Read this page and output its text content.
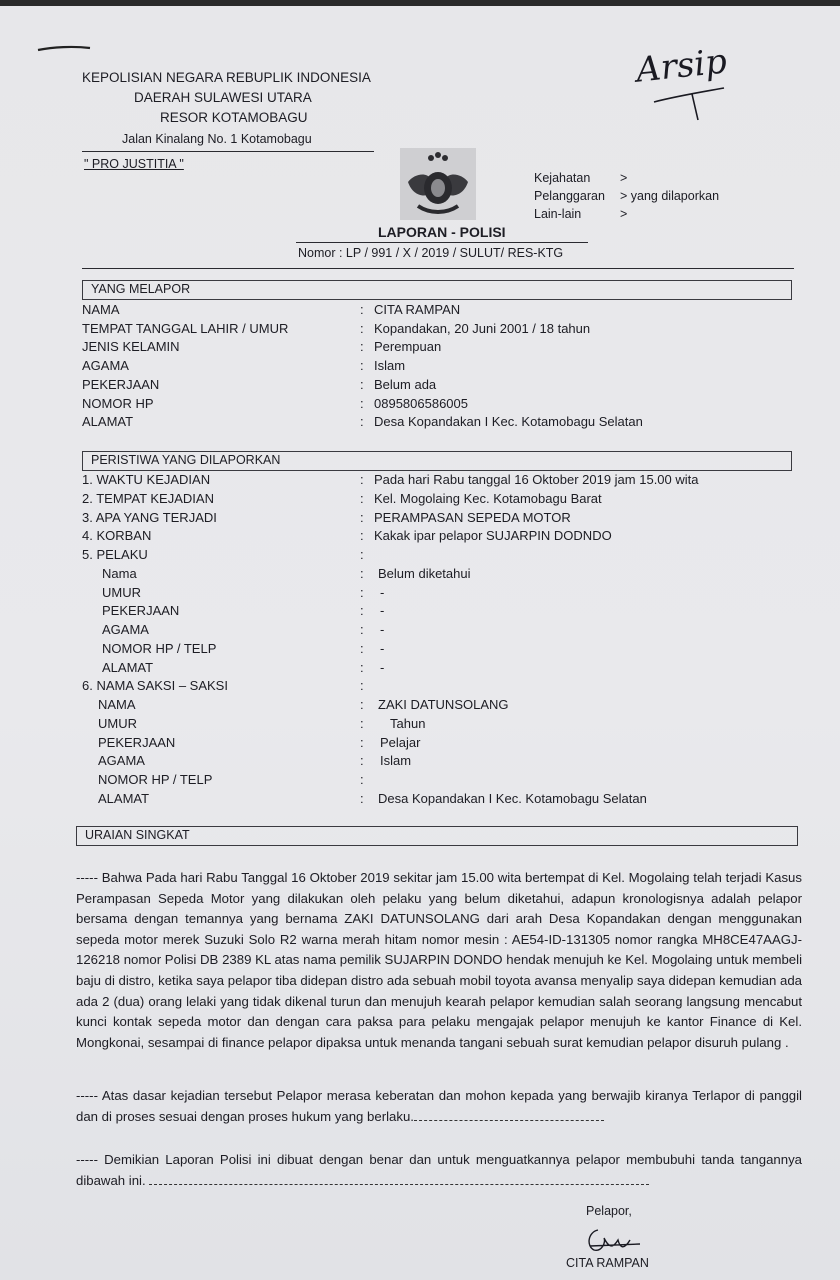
KEPOLISIAN NEGARA REBUPLIK INDONESIA
DAERAH SULAWESI UTARA
RESOR KOTAMOBAGU
Jalan Kinalang No. 1 Kotamobagu
" PRO JUSTITIA "
Arsip
Kejahatan >
Pelanggaran > yang dilaporkan
Lain-lain	>
LAPORAN - POLISI
Nomor : LP / 991 / X / 2019 / SULUT/ RES-KTG
YANG MELAPOR
NAMA	: CITA RAMPAN
TEMPAT TANGGAL LAHIR / UMUR	: Kopandakan, 20 Juni 2001 / 18 tahun
JENIS KELAMIN	: Perempuan
AGAMA	: Islam
PEKERJAAN	: Belum ada
NOMOR HP	: 0895806586005
ALAMAT	: Desa Kopandakan I Kec. Kotamobagu Selatan
PERISTIWA YANG DILAPORKAN
1. WAKTU KEJADIAN	: Pada hari Rabu tanggal 16 Oktober 2019 jam 15.00 wita
2. TEMPAT KEJADIAN	: Kel. Mogolaing Kec. Kotamobagu Barat
3. APA YANG TERJADI	: PERAMPASAN SEPEDA MOTOR
4. KORBAN	: Kakak ipar pelapor SUJARPIN DODNDO
5. PELAKU	:
Nama	: Belum diketahui
UMUR	: -
PEKERJAAN	: -
AGAMA	: -
NOMOR HP / TELP	: -
ALAMAT	: -
6. NAMA SAKSI – SAKSI	:
NAMA	: ZAKI DATUNSOLANG
UMUR	: Tahun
PEKERJAAN	: Pelajar
AGAMA	: Islam
NOMOR HP / TELP	:
ALAMAT	: Desa Kopandakan I Kec. Kotamobagu Selatan
URAIAN SINGKAT
----- Bahwa Pada hari Rabu Tanggal 16 Oktober 2019 sekitar jam 15.00 wita bertempat di Kel. Mogolaing telah terjadi Kasus Perampasan Sepeda Motor yang dilakukan oleh pelaku yang belum diketahui, adapun kronologisnya adalah pelapor bersama dengan temannya yang bernama ZAKI DATUNSOLANG dari arah Desa Kopandakan dengan menggunakan sepeda motor merek Suzuki Solo R2 warna merah hitam nomor mesin : AE54-ID-131305 nomor rangka MH8CE47AAGJ-126218 nomor Polisi DB 2389 KL atas nama pemilik SUJARPIN DONDO hendak menujuh ke Kel. Mogolaing untuk membeli baju di distro, ketika saya pelapor tiba didepan distro ada sebuah mobil toyota avansa menyalip saya didepan kemudian ada ada 2 (dua) orang lelaki yang tidak dikenal turun dan menujuh kearah pelapor kemudian salah seorang langsung mencabut kunci kontak sepeda motor dan dengan cara paksa para pelaku mengajak pelapor menujuh ke kantor Finance di Kel. Mongkonai, sesampai di finance pelapor dipaksa untuk menanda tangani sebuah surat kemudian pelapor disuruh pulang .
----- Atas dasar kejadian tersebut Pelapor merasa keberatan dan mohon kepada yang berwajib kiranya Terlapor di panggil dan di proses sesuai dengan proses hukum yang berlaku.
----- Demikian Laporan Polisi ini dibuat dengan benar dan untuk menguatkannya pelapor membubuhi tanda tangannya dibawah ini.
Pelapor,
CITA RAMPAN
